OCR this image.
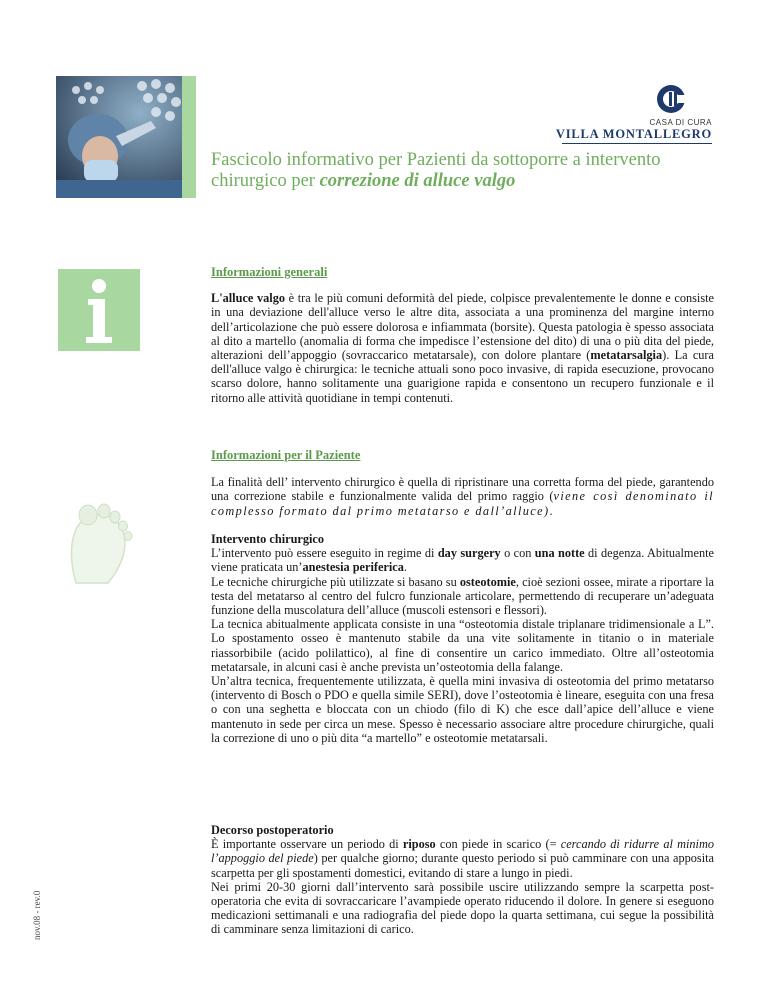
CASA DI CURA
VILLA MONTALLEGRO
Fascicolo informativo per Pazienti da sottoporre a intervento chirurgico per correzione di alluce valgo
Informazioni generali

L'alluce valgo è tra le più comuni deformità del piede, colpisce prevalentemente le donne e consiste in una deviazione dell'alluce verso le altre dita, associata a una prominenza del margine interno dell’articolazione che può essere dolorosa e infiammata (borsite). Questa patologia è spesso associata al dito a martello (anomalia di forma che impedisce l’estensione del dito) di una o più dita del piede, alterazioni dell’appoggio (sovraccarico metatarsale), con dolore plantare (metatarsalgia). La cura dell'alluce valgo è chirurgica: le tecniche attuali sono poco invasive, di rapida esecuzione, provocano scarso dolore, hanno solitamente una guarigione rapida e consentono un recupero funzionale e il ritorno alle attività quotidiane in tempi contenuti.

Informazioni per il Paziente

La finalità dell’ intervento chirurgico è quella di ripristinare una corretta forma del piede, garantendo una correzione stabile e funzionalmente valida del primo raggio (viene così denominato il complesso formato dal primo metatarso e dall’alluce).

Intervento chirurgico

L’intervento può essere eseguito in regime di day surgery o con una notte di degenza. Abitualmente viene praticata un’anestesia periferica.

Le tecniche chirurgiche più utilizzate si basano su osteotomie, cioè sezioni ossee, mirate a riportare la testa del metatarso al centro del fulcro funzionale articolare, permettendo di recuperare un’adeguata funzione della muscolatura dell’alluce (muscoli estensori e flessori).

La tecnica abitualmente applicata consiste in una “osteotomia distale triplanare tridimensionale a L”. Lo spostamento osseo è mantenuto stabile da una vite solitamente in titanio o in materiale riassorbibile (acido polilattico), al fine di consentire un carico immediato. Oltre all’osteotomia metatarsale, in alcuni casi è anche prevista un’osteotomia della falange.

Un’altra tecnica, frequentemente utilizzata, è quella mini invasiva di osteotomia del primo metatarso (intervento di Bosch o PDO e quella simile SERI), dove l’osteotomia è lineare, eseguita con una fresa o con una seghetta e bloccata con un chiodo (filo di K) che esce dall’apice dell’alluce e viene mantenuto in sede per circa un mese. Spesso è necessario associare altre procedure chirurgiche, quali la correzione di uno o più dita “a martello” e osteotomie metatarsali.

Decorso postoperatorio

È importante osservare un periodo di riposo con piede in scarico (= cercando di ridurre al minimo l’appoggio del piede) per qualche giorno; durante questo periodo si può camminare con una apposita scarpetta per gli spostamenti domestici, evitando di stare a lungo in piedi.

Nei primi 20-30 giorni dall’intervento sarà possibile uscire utilizzando sempre la scarpetta post-operatoria che evita di sovraccaricare l’avampiede operato riducendo il dolore. In genere si eseguono medicazioni settimanali e una radiografia del piede dopo la quarta settimana, cui segue la possibilità di camminare senza limitazioni di carico.

nov.08 - rev.0
